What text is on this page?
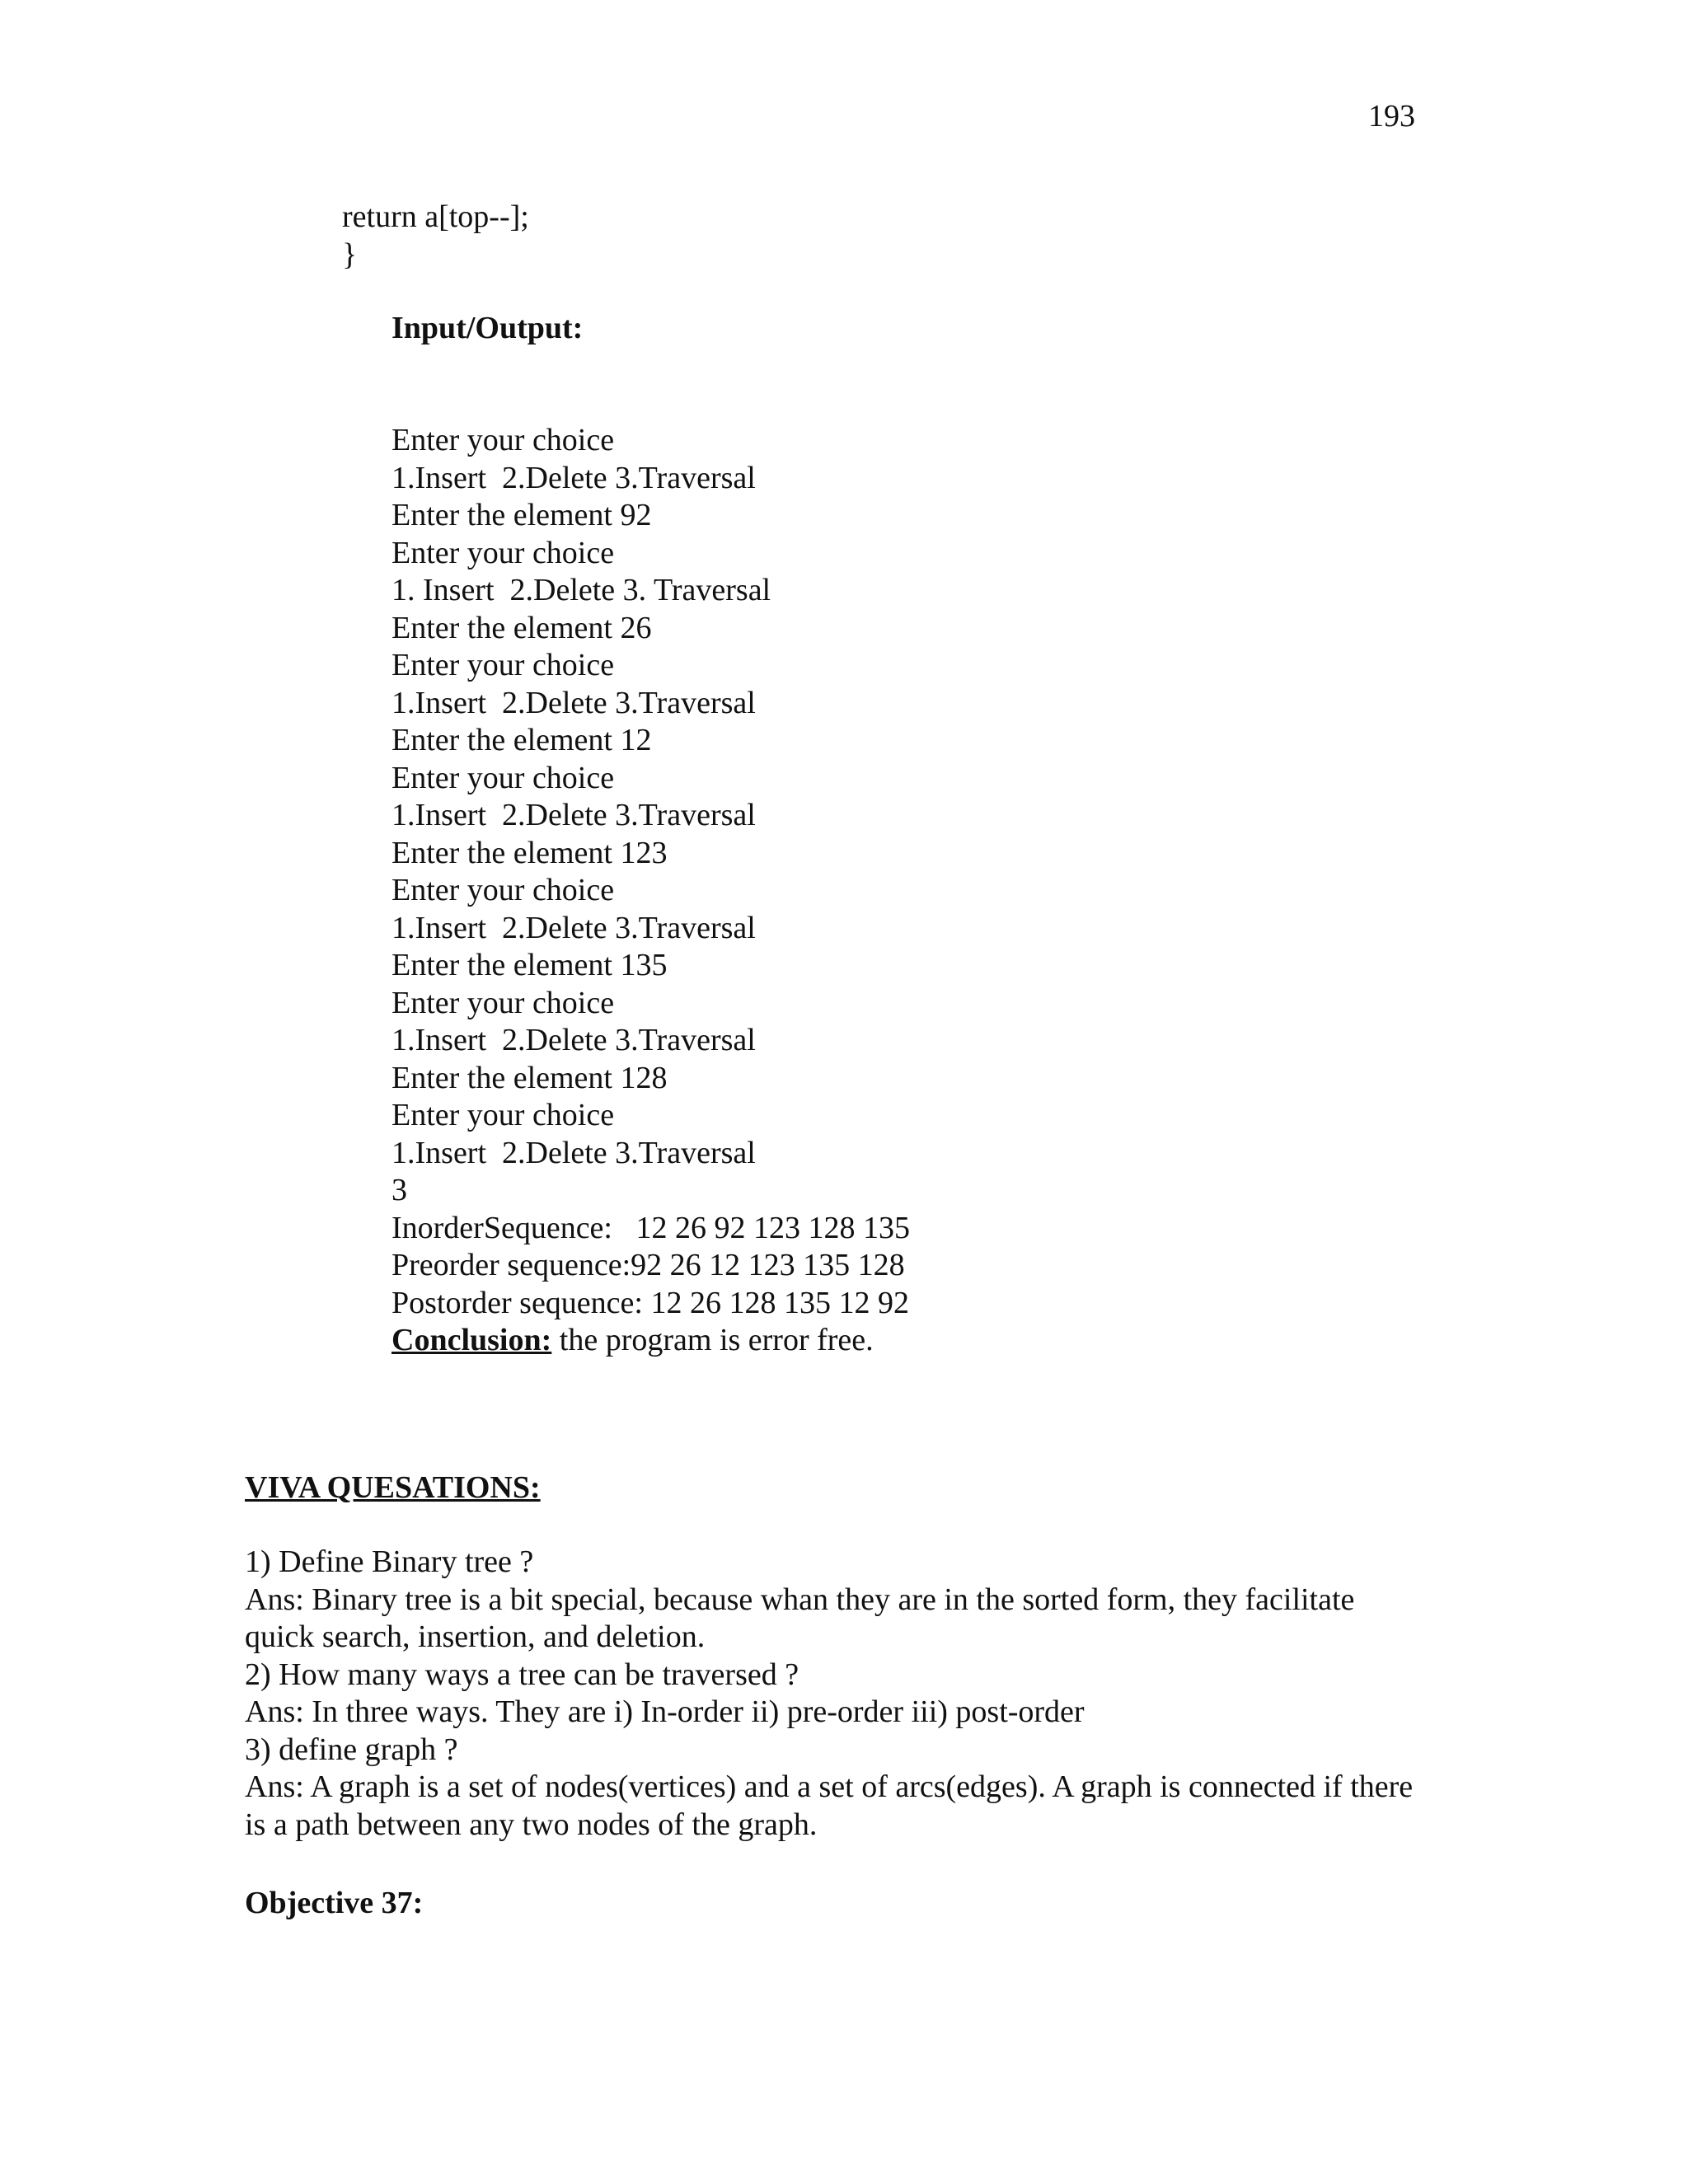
193
return a[top--];
}
Input/Output:
Enter your choice
1.Insert  2.Delete 3.Traversal
Enter the element 92
Enter your choice
1. Insert  2.Delete 3. Traversal
Enter the element 26
Enter your choice
1.Insert  2.Delete 3.Traversal
Enter the element 12
Enter your choice
1.Insert  2.Delete 3.Traversal
Enter the element 123
Enter your choice
1.Insert  2.Delete 3.Traversal
Enter the element 135
Enter your choice
1.Insert  2.Delete 3.Traversal
Enter the element 128
Enter your choice
1.Insert  2.Delete 3.Traversal
3
InorderSequence:   12 26 92 123 128 135
Preorder sequence:92 26 12 123 135 128
Postorder sequence: 12 26 128 135 12 92
Conclusion: the program is error free.
VIVA QUESATIONS:
1) Define Binary tree ?
Ans: Binary tree is a bit special, because whan they are in the sorted form, they facilitate quick search, insertion, and deletion.
2) How many ways a tree can be traversed ?
Ans: In three ways. They are i) In-order ii) pre-order iii) post-order
3) define graph ?
Ans: A graph is a set of nodes(vertices) and a set of arcs(edges). A graph is connected if there is a path between any two nodes of the graph.
Objective 37:
